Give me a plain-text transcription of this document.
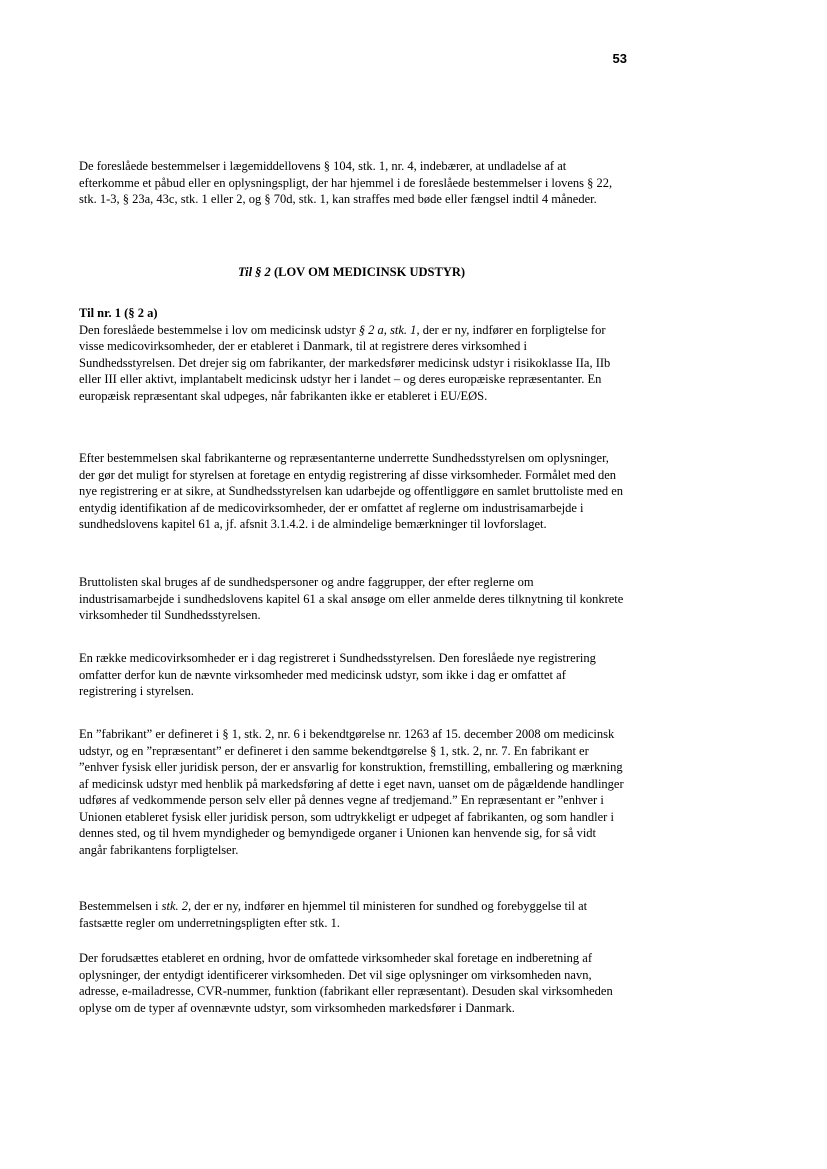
53

De foreslåede bestemmelser i lægemiddellovens § 104, stk. 1, nr. 4, indebærer, at undladelse af at efterkomme et påbud eller en oplysningspligt, der har hjemmel i de foreslåede bestemmelser i lovens § 22, stk. 1-3, § 23a, 43c, stk. 1 eller 2, og § 70d, stk. 1, kan straffes med bøde eller fængsel indtil 4 måneder.

Til § 2 (LOV OM MEDICINSK UDSTYR)

Til nr. 1 (§ 2 a)

Den foreslåede bestemmelse i lov om medicinsk udstyr § 2 a, stk. 1, der er ny, indfører en forpligtelse for visse medicovirksomheder, der er etableret i Danmark, til at registrere deres virksomhed i Sundhedsstyrelsen. Det drejer sig om fabrikanter, der markedsfører medicinsk udstyr i risikoklasse IIa, IIb eller III eller aktivt, implantabelt medicinsk udstyr her i landet – og deres europæiske repræsentanter. En europæisk repræsentant skal udpeges, når fabrikanten ikke er etableret i EU/EØS.

Efter bestemmelsen skal fabrikanterne og repræsentanterne underrette Sundhedsstyrelsen om oplysninger, der gør det muligt for styrelsen at foretage en entydig registrering af disse virksomheder. Formålet med den nye registrering er at sikre, at Sundhedsstyrelsen kan udarbejde og offentliggøre en samlet bruttoliste med en entydig identifikation af de medicovirksomheder, der er omfattet af reglerne om industrisamarbejde i sundhedslovens kapitel 61 a, jf. afsnit 3.1.4.2. i de almindelige bemærkninger til lovforslaget.

Bruttolisten skal bruges af de sundhedspersoner og andre faggrupper, der efter reglerne om industrisamarbejde i sundhedslovens kapitel 61 a skal ansøge om eller anmelde deres tilknytning til konkrete virksomheder til Sundhedsstyrelsen.

En række medicovirksomheder er i dag registreret i Sundhedsstyrelsen. Den foreslåede nye registrering omfatter derfor kun de nævnte virksomheder med medicinsk udstyr, som ikke i dag er omfattet af registrering i styrelsen.

En ”fabrikant” er defineret i § 1, stk. 2, nr. 6 i bekendtgørelse nr. 1263 af 15. december 2008 om medicinsk udstyr, og en ”repræsentant” er defineret i den samme bekendtgørelse § 1, stk. 2, nr. 7. En fabrikant er ”enhver fysisk eller juridisk person, der er ansvarlig for konstruktion, fremstilling, emballering og mærkning af medicinsk udstyr med henblik på markedsføring af dette i eget navn, uanset om de pågældende handlinger udføres af vedkommende person selv eller på dennes vegne af tredjemand.” En repræsentant er ”enhver i Unionen etableret fysisk eller juridisk person, som udtrykkeligt er udpeget af fabrikanten, og som handler i dennes sted, og til hvem myndigheder og bemyndigede organer i Unionen kan henvende sig, for så vidt angår fabrikantens forpligtelser.

Bestemmelsen i stk. 2, der er ny, indfører en hjemmel til ministeren for sundhed og forebyggelse til at fastsætte regler om underretningspligten efter stk. 1.

Der forudsættes etableret en ordning, hvor de omfattede virksomheder skal foretage en indberetning af oplysninger, der entydigt identificerer virksomheden. Det vil sige oplysninger om virksomheden navn, adresse, e-mailadresse, CVR-nummer, funktion (fabrikant eller repræsentant). Desuden skal virksomheden oplyse om de typer af ovennævnte udstyr, som virksomheden markedsfører i Danmark.
